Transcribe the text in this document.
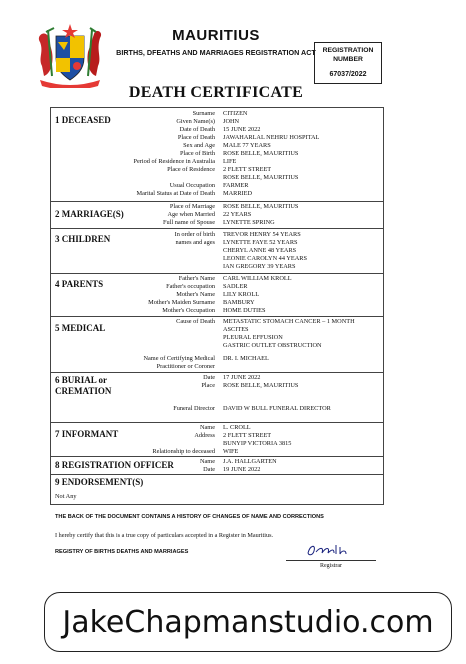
MAURITIUS
BIRTHS, DFEATHS AND MARRIAGES REGISTRATION ACT REGISTRATION
NUMBER
67037/2022
DEATH CERTIFICATE
1 DECEASED
Surname CITIZEN
Given Name(s) JOHN
Date of Death 15 JUNE 2022
Place of Death JAWAHARLAL NEHRU HOSPITAL
Sex and Age MALE 77 YEARS
Place of Birth ROSE BELLE, MAURITIUS
Period of Residence in Australia LIFE
Place of Residence 2 FLETT STREET
ROSE BELLE, MAURITIUS
Usual Occupation FARMER
Marital Status at Date of Death MARRIED
2 MARRIAGE(S)
Place of Marriage ROSE BELLE, MAURITIUS
Age when Married 22 YEARS
Full name of Spouse LYNETTE SPRING
3 CHILDREN	In order of birth
names and ages
TREVOR HENRY 54 YEARS
LYNETTE FAYE 52 YEARS
CHERYL ANNE 48 YEARS
LEONIE CAROLYN 44 YEARS
IAN GREGORY 39 YEARS
4 PARENTS
Father's Name CARL WILLIAM KROLL
Father's occupation SADLER
Mother's Name LILY KROLL
Mother's Maiden Surname BAMBURY
Mother's Occupation HOME DUTIES
5 MEDICAL
Cause of Death METASTATIC STOMACH CANCER – 1 MONTH
ASCITES
PLEURAL EFFUSION
GASTRIC OUTLET OBSTRUCTION
Name of Certifying Medical
Practitioner or Coroner
DR. I. MICHAEL
6 BURIAL or
CREMATION
Date 17 JUNE 2022
Place ROSE BELLE, MAURITIUS
Funeral Director DAVID W BULL FUNERAL DIRECTOR
7 INFORMANT
Name L. CROLL
Address 2 FLETT STREET
BUNYIP VICTORIA 3815
Relationship to deceased WIFE
8 REGISTRATION OFFICER	Name J.A. HALLGARTEN
Date 19 JUNE 2022
9 ENDORSEMENT(S)
Not Any
THE BACK OF THE DOCUMENT CONTAINS A HISTORY OF CHANGES OF NAME AND CORRECTIONS
I hereby certify that this is a true copy of particulars accepted in a Register in Mauritius.
REGISTRY OF BIRTHS DEATHS AND MARRIAGES
Registrar
JakeChapmanstudio.com
